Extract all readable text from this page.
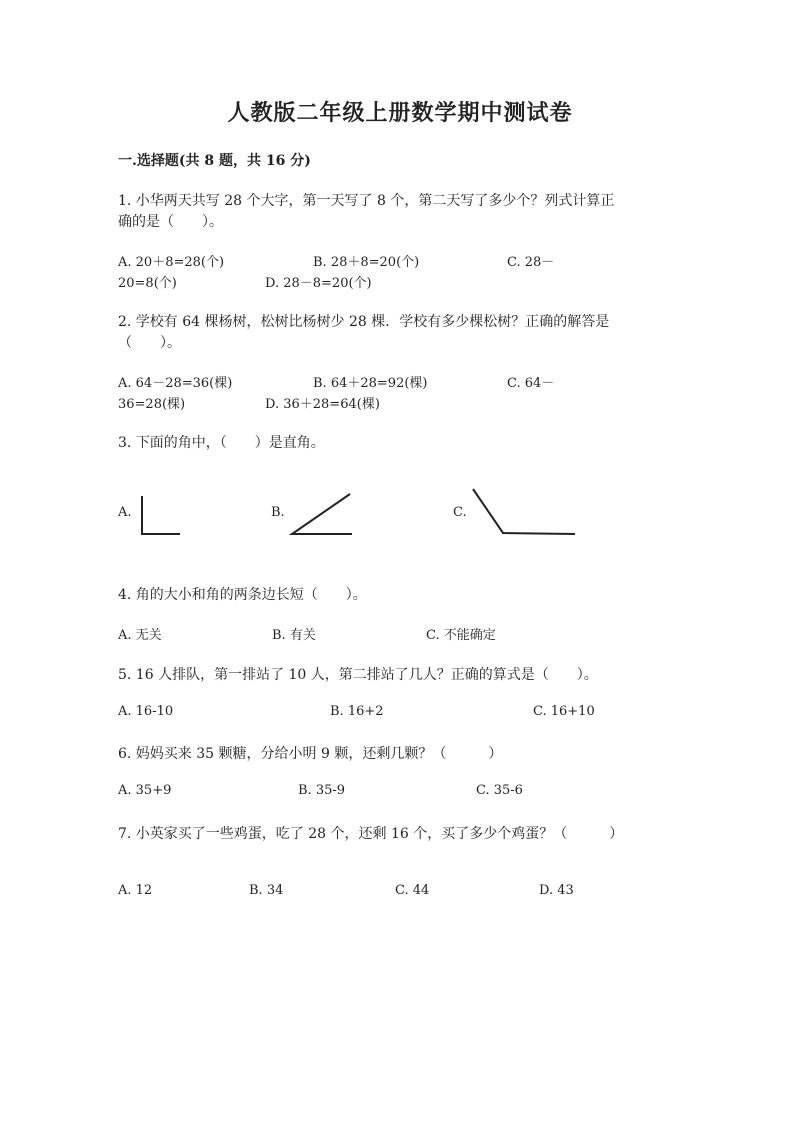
人教版二年级上册数学期中测试卷
一.选择题(共 8 题，共 16 分)
1. 小华两天共写 28 个大字，第一天写了 8 个，第二天写了多少个？列式计算正
确的是（　　）。
A. 20＋8=28(个)	B. 28＋8=20(个)	C. 28－
20=8(个)	D. 28－8=20(个)
2. 学校有 64 棵杨树，松树比杨树少 28 棵．学校有多少棵松树？正确的解答是
（　　）。
A. 64－28=36(棵)	B. 64＋28=92(棵)	C. 64－
36=28(棵)	D. 36＋28=64(棵)
3. 下面的角中，（　　）是直角。
A.	B.	C.
4. 角的大小和角的两条边长短（　　）。
A. 无关	B. 有关	C. 不能确定
5. 16 人排队，第一排站了 10 人，第二排站了几人？正确的算式是（　　）。
A. 16-10	B. 16+2	C. 16+10
6. 妈妈买来 35 颗糖，分给小明 9 颗，还剩几颗？（　　　）
A. 35+9	B. 35-9	C. 35-6
7. 小英家买了一些鸡蛋，吃了 28 个，还剩 16 个，买了多少个鸡蛋？（　　　）
A. 12	B. 34	C. 44	D. 43
